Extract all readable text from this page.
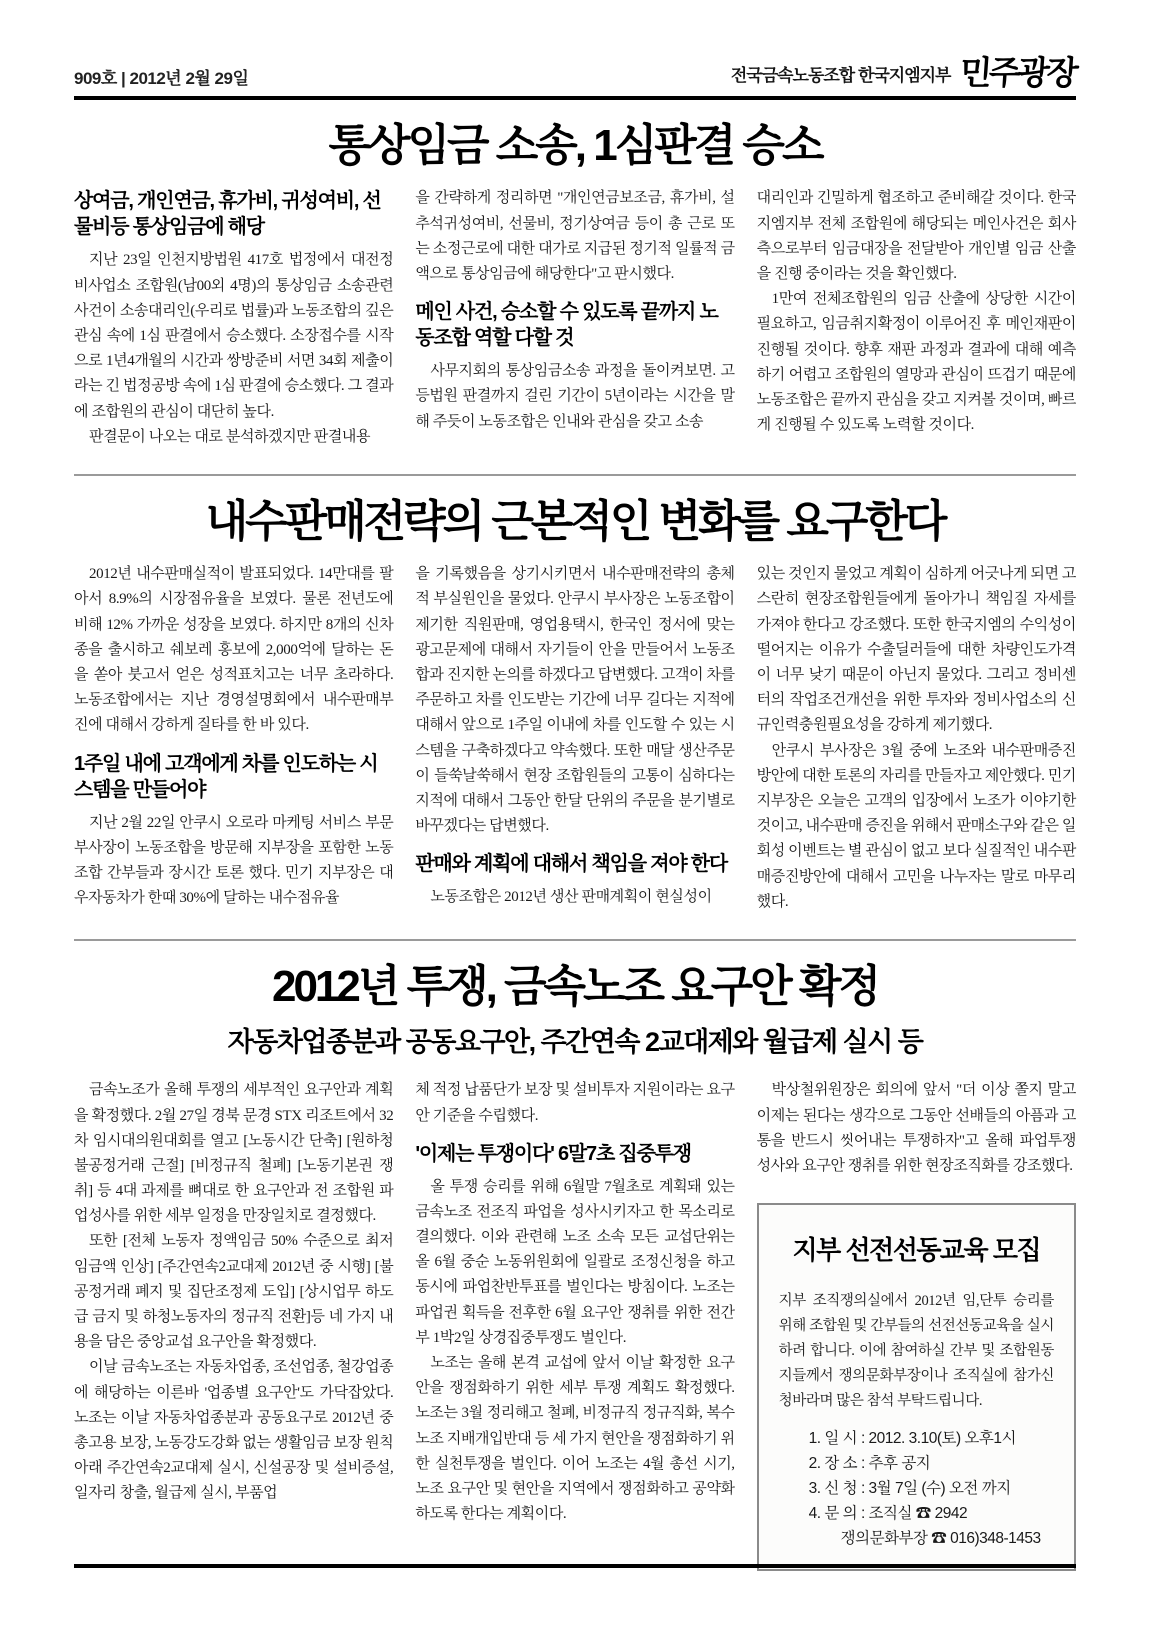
909호 | 2012년 2월 29일	전국금속노동조합 한국지엠지부 민주광장
통상임금 소송, 1심판결 승소
상여금, 개인연금, 휴가비, 귀성여비, 선물비등 통상임금에 해당

지난 23일 인천지방법원 417호 법정에서 대전정비사업소 조합원(남00외 4명)의 통상임금 소송관련 사건이 소송대리인(우리로 법률)과 노동조합의 깊은 관심 속에 1심 판결에서 승소했다. 소장접수를 시작으로 1년4개월의 시간과 쌍방준비 서면 34회 제출이라는 긴 법정공방 속에 1심 판결에 승소했다. 그 결과에 조합원의 관심이 대단히 높다.

판결문이 나오는 대로 분석하겠지만 판결내용

을 간략하게 정리하면 "개인연금보조금, 휴가비, 설추석귀성여비, 선물비, 정기상여금 등이 총 근로 또는 소정근로에 대한 대가로 지급된 정기적 일률적 금액으로 통상임금에 해당한다"고 판시했다.

메인 사건, 승소할 수 있도록 끝까지 노동조합 역할 다할 것

사무지회의 통상임금소송 과정을 돌이켜보면. 고등법원 판결까지 걸린 기간이 5년이라는 시간을 말해 주듯이 노동조합은 인내와 관심을 갖고 소송

대리인과 긴밀하게 협조하고 준비해갈 것이다. 한국지엠지부 전체 조합원에 해당되는 메인사건은 회사 측으로부터 임금대장을 전달받아 개인별 임금 산출을 진행 중이라는 것을 확인했다.

1만여 전체조합원의 임금 산출에 상당한 시간이 필요하고, 임금취지확정이 이루어진 후 메인재판이 진행될 것이다. 향후 재판 과정과 결과에 대해 예측하기 어렵고 조합원의 열망과 관심이 뜨겁기 때문에 노동조합은 끝까지 관심을 갖고 지켜볼 것이며, 빠르게 진행될 수 있도록 노력할 것이다.

내수판매전략의 근본적인 변화를 요구한다

2012년 내수판매실적이 발표되었다. 14만대를 팔아서 8.9%의 시장점유율을 보였다. 물론 전년도에 비해 12% 가까운 성장을 보였다. 하지만 8개의 신차종을 출시하고 쉐보레 홍보에 2,000억에 달하는 돈을 쏟아 붓고서 얻은 성적표치고는 너무 초라하다. 노동조합에서는 지난 경영설명회에서 내수판매부진에 대해서 강하게 질타를 한 바 있다.

1주일 내에 고객에게 차를 인도하는 시스템을 만들어야

지난 2월 22일 안쿠시 오로라 마케팅 서비스 부문 부사장이 노동조합을 방문해 지부장을 포함한 노동조합 간부들과 장시간 토론 했다. 민기 지부장은 대우자동차가 한때 30%에 달하는 내수점유율

을 기록했음을 상기시키면서 내수판매전략의 총체적 부실원인을 물었다. 안쿠시 부사장은 노동조합이 제기한 직원판매, 영업용택시, 한국인 정서에 맞는 광고문제에 대해서 자기들이 안을 만들어서 노동조합과 진지한 논의를 하겠다고 답변했다. 고객이 차를 주문하고 차를 인도받는 기간에 너무 길다는 지적에 대해서 앞으로 1주일 이내에 차를 인도할 수 있는 시스템을 구축하겠다고 약속했다. 또한 매달 생산주문이 들쑥날쑥해서 현장 조합원들의 고통이 심하다는 지적에 대해서 그동안 한달 단위의 주문을 분기별로 바꾸겠다는 답변했다.

판매와 계획에 대해서 책임을 져야 한다

노동조합은 2012년 생산 판매계획이 현실성이

있는 것인지 물었고 계획이 심하게 어긋나게 되면 고스란히 현장조합원들에게 돌아가니 책임질 자세를 가져야 한다고 강조했다. 또한 한국지엠의 수익성이 떨어지는 이유가 수출딜러들에 대한 차량인도가격이 너무 낮기 때문이 아닌지 물었다. 그리고 정비센터의 작업조건개선을 위한 투자와 정비사업소의 신규인력충원필요성을 강하게 제기했다.

안쿠시 부사장은 3월 중에 노조와 내수판매증진방안에 대한 토론의 자리를 만들자고 제안했다. 민기 지부장은 오늘은 고객의 입장에서 노조가 이야기한 것이고, 내수판매 증진을 위해서 판매소구와 같은 일회성 이벤트는 별 관심이 없고 보다 실질적인 내수판매증진방안에 대해서 고민을 나누자는 말로 마무리했다.

2012년 투쟁, 금속노조 요구안 확정
자동차업종분과 공동요구안, 주간연속 2교대제와 월급제 실시 등

금속노조가 올해 투쟁의 세부적인 요구안과 계획을 확정했다. 2월 27일 경북 문경 STX 리조트에서 32차 임시대의원대회를 열고 [노동시간 단축] [원하청 불공정거래 근절] [비정규직 철폐] [노동기본권 쟁취] 등 4대 과제를 뼈대로 한 요구안과 전 조합원 파업성사를 위한 세부 일정을 만장일치로 결정했다.

또한 [전체 노동자 정액임금 50% 수준으로 최저임금액 인상] [주간연속2교대제 2012년 중 시행] [불공정거래 폐지 및 집단조정제 도입] [상시업무 하도급 금지 및 하청노동자의 정규직 전환]등 네 가지 내용을 담은 중앙교섭 요구안을 확정했다.

이날 금속노조는 자동차업종, 조선업종, 철강업종에 해당하는 이른바 '업종별 요구안'도 가닥잡았다. 노조는 이날 자동차업종분과 공동요구로 2012년 중 총고용 보장, 노동강도강화 없는 생활임금 보장 원칙 아래 주간연속2교대제 실시, 신설공장 및 설비증설, 일자리 창출, 월급제 실시, 부품업

체 적정 납품단가 보장 및 설비투자 지원이라는 요구안 기준을 수립했다.

'이제는 투쟁이다' 6말7초 집중투쟁

올 투쟁 승리를 위해 6월말 7월초로 계획돼 있는 금속노조 전조직 파업을 성사시키자고 한 목소리로 결의했다. 이와 관련해 노조 소속 모든 교섭단위는 올 6월 중순 노동위원회에 일괄로 조정신청을 하고 동시에 파업찬반투표를 벌인다는 방침이다. 노조는 파업권 획득을 전후한 6월 요구안 쟁취를 위한 전간부 1박2일 상경집중투쟁도 벌인다.

노조는 올해 본격 교섭에 앞서 이날 확정한 요구안을 쟁점화하기 위한 세부 투쟁 계획도 확정했다. 노조는 3월 정리해고 철폐, 비정규직 정규직화, 복수노조 지배개입반대 등 세 가지 현안을 쟁점화하기 위한 실천투쟁을 벌인다. 이어 노조는 4월 총선 시기, 노조 요구안 및 현안을 지역에서 쟁점화하고 공약화 하도록 한다는 계획이다.

박상철위원장은 회의에 앞서 "더 이상 쫄지 말고 이제는 된다는 생각으로 그동안 선배들의 아픔과 고통을 반드시 씻어내는 투쟁하자"고 올해 파업투쟁 성사와 요구안 쟁취를 위한 현장조직화를 강조했다.

지부 선전선동교육 모집

지부 조직쟁의실에서 2012년 임,단투 승리를 위해 조합원 및 간부들의 선전선동교육을 실시하려 합니다. 이에 참여하실 간부 및 조합원동지들께서 쟁의문화부장이나 조직실에 참가신청바라며 많은 참석 부탁드립니다.

1. 일 시 : 2012. 3.10(토) 오후1시
2. 장 소 : 추후 공지
3. 신 청 : 3월 7일 (수) 오전 까지
4. 문 의 : 조직실 ☎ 2942
쟁의문화부장 ☎ 016)348-1453
